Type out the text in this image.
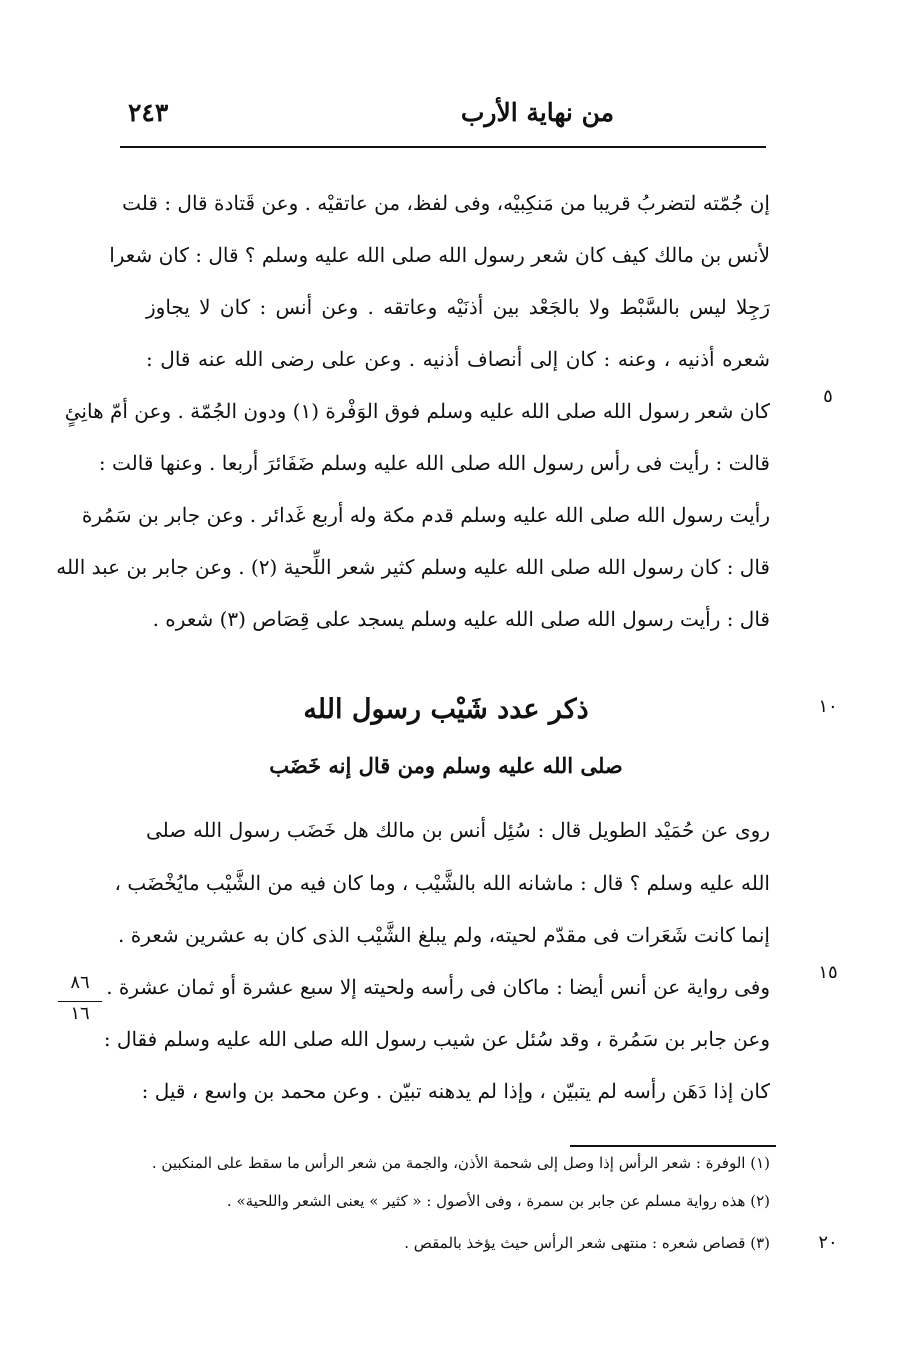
٢٤٣	من نهاية الأرب
إن جُمّته لتضربُ قريبا من مَنكِبيْه، وفى لفظ، من عاتقيْه . وعن قَتادة قال : قلت
لأنس بن مالك كيف كان شعر رسول الله صلى الله عليه وسلم ؟ قال : كان شعرا
رَجِلا ليس بالسَّبْط ولا بالجَعْد بين أذنَيْه وعاتقه . وعن أنس : كان لا يجاوز
شعره أذنيه ، وعنه : كان إلى أنصاف أذنيه . وعن على رضى الله عنه قال :
كان شعر رسول الله صلى الله عليه وسلم فوق الوَفْرة (١) ودون الجُمّة . وعن أمّ هانِئٍ
قالت : رأيت فى رأس رسول الله صلى الله عليه وسلم ضَفَائرَ أربعا . وعنها قالت :
رأيت رسول الله صلى الله عليه وسلم قدم مكة وله أربع غَدائر . وعن جابر بن سَمُرة
قال : كان رسول الله صلى الله عليه وسلم كثير شعر اللِّحية (٢) . وعن جابر بن عبد الله
قال : رأيت رسول الله صلى الله عليه وسلم يسجد على قِصَاص (٣) شعره .
ذكر عدد شَيْب رسول الله
صلى الله عليه وسلم ومن قال إنه خَضَب
روى عن حُمَيْد الطويل قال : سُئِل أنس بن مالك هل خَضَب رسول الله صلى
الله عليه وسلم ؟ قال : ماشانه الله بالشَّيْب ، وما كان فيه من الشَّيْب مايُخْضَب ،
إنما كانت شَعَرات فى مقدّم لحيته، ولم يبلغ الشَّيْب الذى كان به عشرين شعرة .
وفى رواية عن أنس أيضا : ماكان فى رأسه ولحيته إلا سبع عشرة أو ثمان عشرة .
وعن جابر بن سَمُرة ، وقد سُئل عن شيب رسول الله صلى الله عليه وسلم فقال :
كان إذا دَهَن رأسه لم يتبيّن ، وإذا لم يدهنه تبيّن . وعن محمد بن واسع ، قيل :
٥
١٠
١٥
٢٠
٨٦
١٦
(١) الوفرة : شعر الرأس إذا وصل إلى شحمة الأذن، والجمة من شعر الرأس ما سقط على المنكبين .
(٢) هذه رواية مسلم عن جابر بن سمرة ، وفى الأصول : « كثير » يعنى الشعر واللحية» .
(٣) قصاص شعره : منتهى شعر الرأس حيث يؤخذ بالمقص .
